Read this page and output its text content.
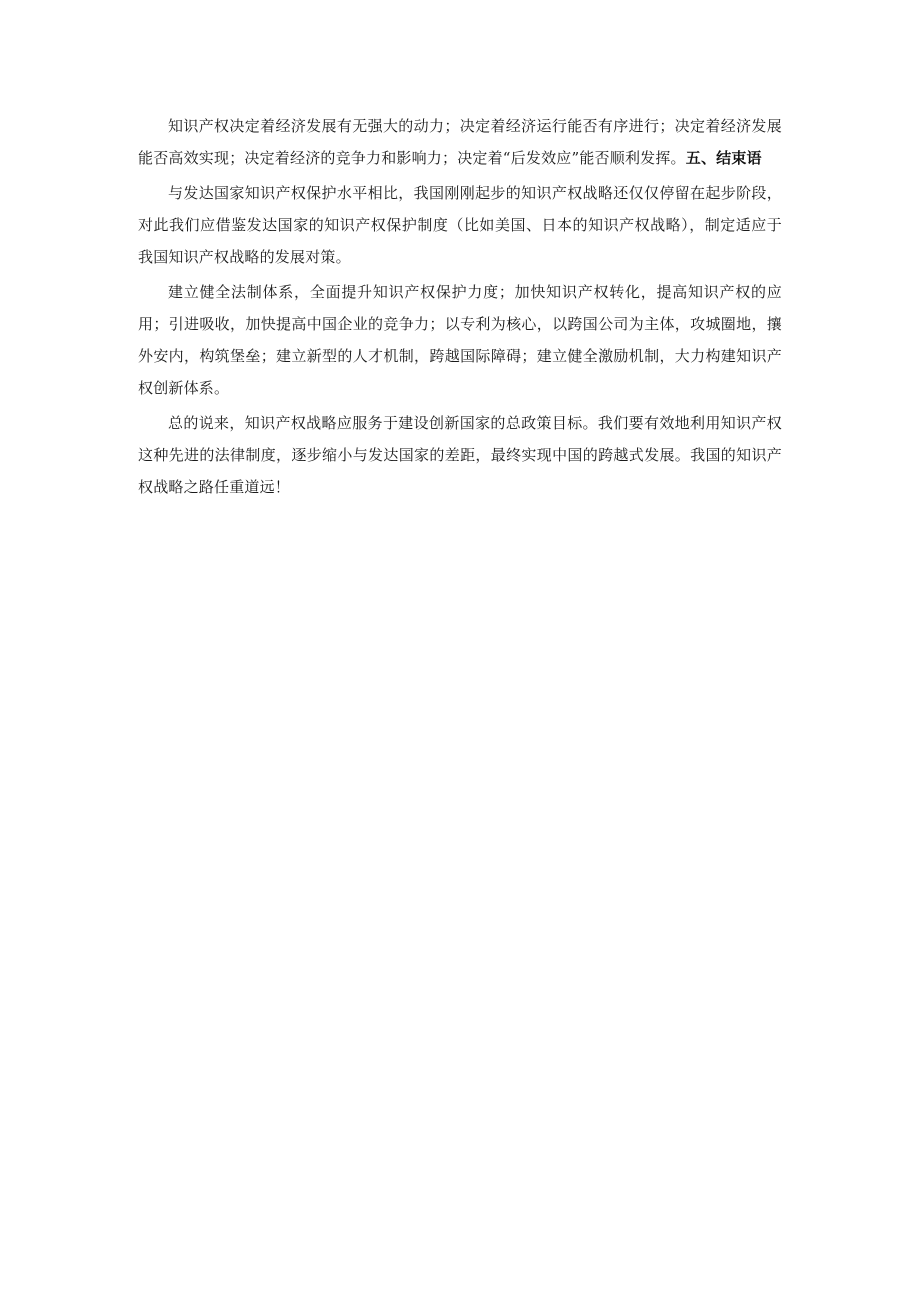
知识产权决定着经济发展有无强大的动力；决定着经济运行能否有序进行；决定着经济发展能否高效实现；决定着经济的竞争力和影响力；决定着“后发效应”能否顺利发挥。五、结束语

与发达国家知识产权保护水平相比，我国刚刚起步的知识产权战略还仅仅停留在起步阶段，对此我们应借鉴发达国家的知识产权保护制度（比如美国、日本的知识产权战略），制定适应于我国知识产权战略的发展对策。

建立健全法制体系，全面提升知识产权保护力度；加快知识产权转化，提高知识产权的应用；引进吸收，加快提高中国企业的竞争力；以专利为核心，以跨国公司为主体，攻城圈地，攘外安内，构筑堡垒；建立新型的人才机制，跨越国际障碍；建立健全激励机制，大力构建知识产权创新体系。

总的说来，知识产权战略应服务于建设创新国家的总政策目标。我们要有效地利用知识产权这种先进的法律制度，逐步缩小与发达国家的差距，最终实现中国的跨越式发展。我国的知识产权战略之路任重道远！
